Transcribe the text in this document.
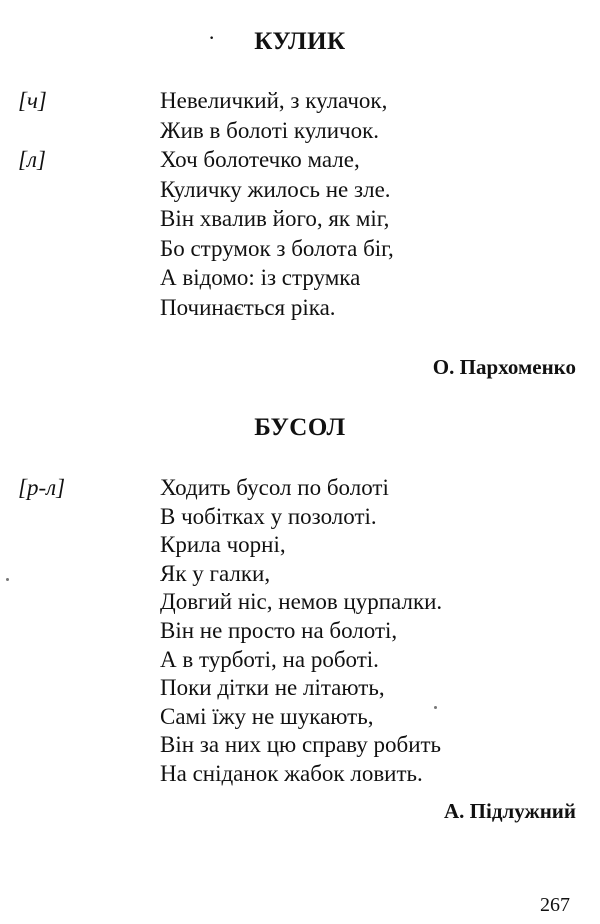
·	КУЛИК
[ч]
[л]
Невеличкий, з кулачок,
Жив в болоті куличок.
Хоч болотечко мале,
Куличку жилось не зле.
Він хвалив його, як міг,
Бо струмок з болота біг,
А відомо: із струмка
Починається ріка.
О. Пархоменко
БУСОЛ
[р-л]	Ходить бусол по болоті
В чобітках у позолоті.
Крила чорні,
Як у галки,
Довгий ніс, немов цурпалки.
Він не просто на болоті,
А в турботі, на роботі.
Поки дітки не літають,
Самі їжу не шукають,
Він за них цю справу робить
На сніданок жабок ловить.
А. Підлужний
267
